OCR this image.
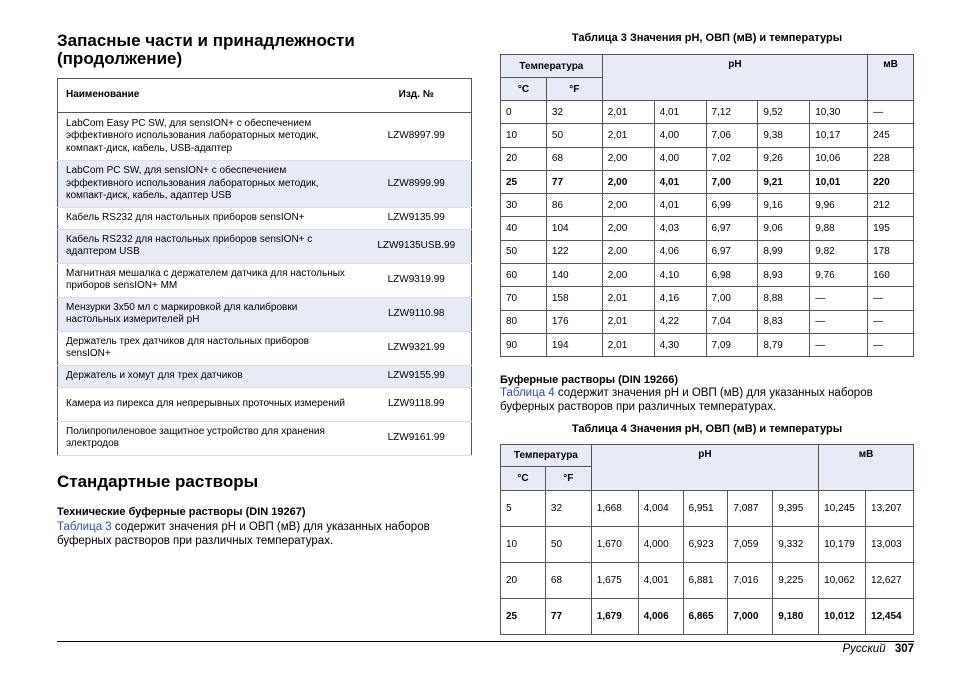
Запасные части и принадлежности (продолжение)
Наименование	Изд. №
LabCom Easy PC SW, для sensION+ с обеспечением эффективного использования лабораторных методик, компакт-диск, кабель, USB-адаптер	LZW8997.99
LabCom PC SW, для sensION+ с обеспечением эффективного использования лабораторных методик, компакт-диск, кабель, адаптер USB	LZW8999.99
Кабель RS232 для настольных приборов sensION+	LZW9135.99
Кабель RS232 для настольных приборов sensION+ с адаптером USB	LZW9135USB.99
Магнитная мешалка с держателем датчика для настольных приборов sensION+ MM	LZW9319.99
Мензурки 3x50 мл с маркировкой для калибровки настольных измерителей pH	LZW9110.98
Держатель трех датчиков для настольных приборов sensION+	LZW9321.99
Держатель и хомут для трех датчиков	LZW9155.99
Камера из пирекса для непрерывных проточных измерений	LZW9118.99
Полипропиленовое защитное устройство для хранения электродов	LZW9161.99
Стандартные растворы
Технические буферные растворы (DIN 19267)
Таблица 3 содержит значения pH и ОВП (мВ) для указанных наборов буферных растворов при различных температурах.
Таблица 3 Значения pH, ОВП (мВ) и температуры
Температура		pH					мВ
°C	°F						
0	32	2,01	4,01	7,12	9,52	10,30	—
10	50	2,01	4,00	7,06	9,38	10,17	245
20	68	2,00	4,00	7,02	9,26	10,06	228
25	77	2,00	4,01	7,00	9,21	10,01	220
30	86	2,00	4,01	6,99	9,16	9,96	212
40	104	2,00	4,03	6,97	9,06	9,88	195
50	122	2,00	4,06	6,97	8,99	9,82	178
60	140	2,00	4,10	6,98	8,93	9,76	160
70	158	2,01	4,16	7,00	8,88	—	—
80	176	2,01	4,22	7,04	8,83	—	—
90	194	2,01	4,30	7,09	8,79	—	—
Буферные растворы (DIN 19266)
Таблица 4 содержит значения pH и ОВП (мВ) для указанных наборов буферных растворов при различных температурах.
Таблица 4 Значения pH, ОВП (мВ) и температуры
Температура		pH					мВ	
°C	°F							
5	32	1,668	4,004	6,951	7,087	9,395	10,245	13,207
10	50	1,670	4,000	6,923	7,059	9,332	10,179	13,003
20	68	1,675	4,001	6,881	7,016	9,225	10,062	12,627
25	77	1,679	4,006	6,865	7,000	9,180	10,012	12,454
Русский 307
